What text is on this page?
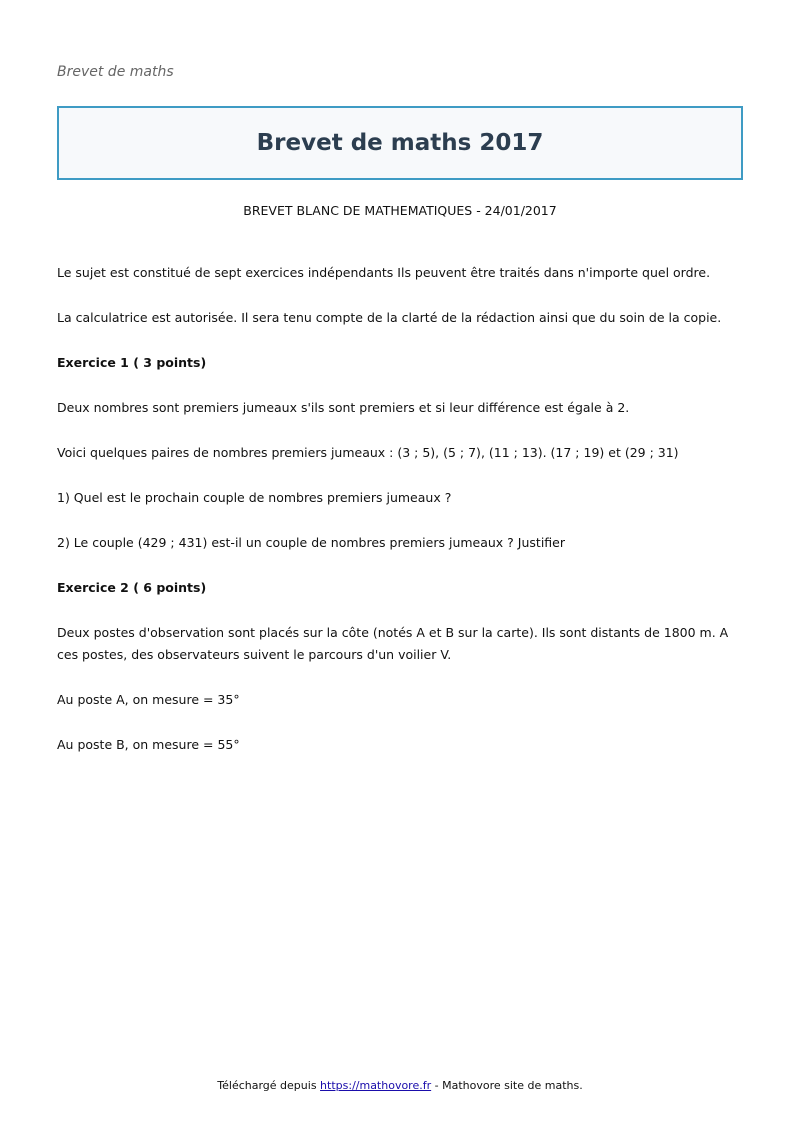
Brevet de maths
Brevet de maths 2017
BREVET BLANC DE MATHEMATIQUES - 24/01/2017

Le sujet est constitué de sept exercices indépendants Ils peuvent être traités dans n'importe quel ordre.

La calculatrice est autorisée. Il sera tenu compte de la clarté de la rédaction ainsi que du soin de la copie.

Exercice 1 ( 3 points)

Deux nombres sont premiers jumeaux s'ils sont premiers et si leur différence est égale à 2.

Voici quelques paires de nombres premiers jumeaux : (3 ; 5), (5 ; 7), (11 ; 13). (17 ; 19) et (29 ; 31)

1) Quel est le prochain couple de nombres premiers jumeaux ?

2) Le couple (429 ; 431) est-il un couple de nombres premiers jumeaux ? Justifier

Exercice 2 ( 6 points)

Deux postes d'observation sont placés sur la côte (notés A et B sur la carte). Ils sont distants de 1800 m. A ces postes, des observateurs suivent le parcours d'un voilier V.

Au poste A, on mesure = 35°

Au poste B, on mesure = 55°

Téléchargé depuis https://mathovore.fr - Mathovore site de maths.
